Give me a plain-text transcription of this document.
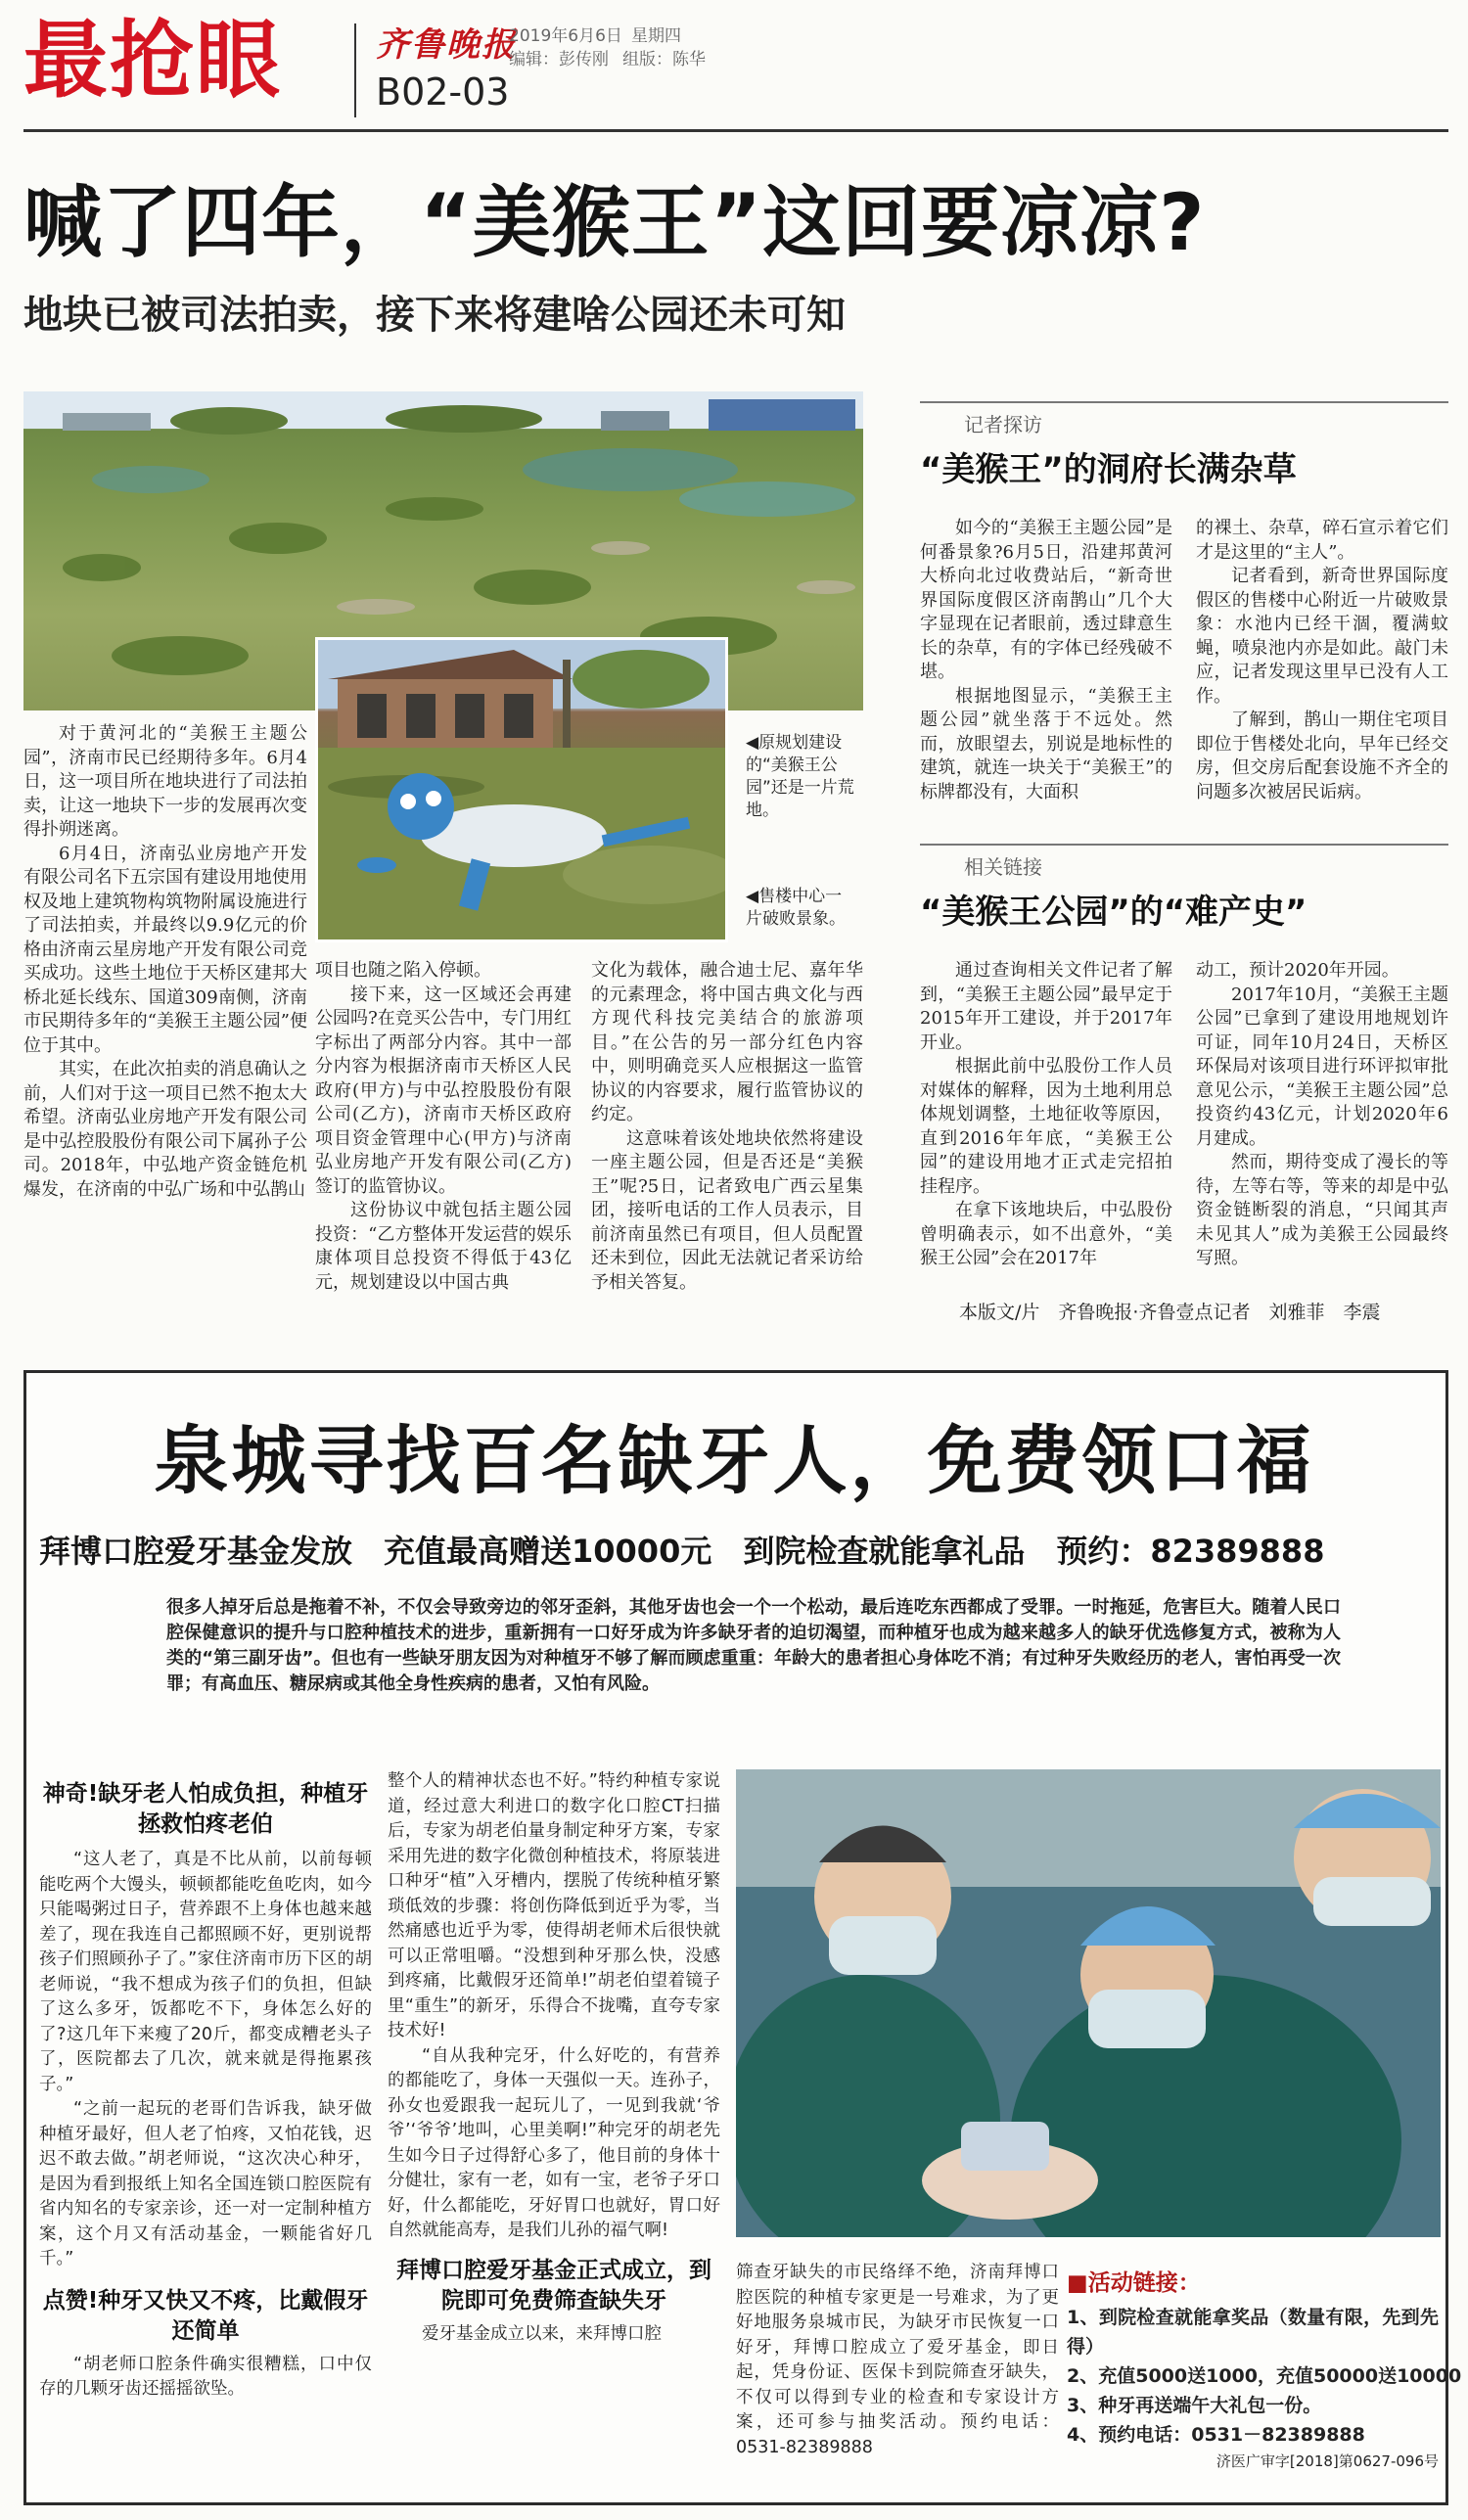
最抢眼	齐鲁晚报
2019年6月6日 星期四
编辑：彭传刚 组版：陈华
B02-03
喊了四年，“美猴王”这回要凉凉?
地块已被司法拍卖，接下来将建啥公园还未可知
◀原规划建设的“美猴王公园”还是一片荒地。
◀售楼中心一片破败景象。

对于黄河北的“美猴王主题公园”，济南市民已经期待多年。6月4日，这一项目所在地块进行了司法拍卖，让这一地块下一步的发展再次变得扑朔迷离。

6月4日，济南弘业房地产开发有限公司名下五宗国有建设用地使用权及地上建筑物构筑物附属设施进行了司法拍卖，并最终以9.9亿元的价格由济南云星房地产开发有限公司竞买成功。这些土地位于天桥区建邦大桥北延长线东、国道309南侧，济南市民期待多年的“美猴王主题公园”便位于其中。

其实，在此次拍卖的消息确认之前，人们对于这一项目已然不抱太大希望。济南弘业房地产开发有限公司是中弘控股股份有限公司下属孙子公司。2018年，中弘地产资金链危机爆发，在济南的中弘广场和中弘鹊山

项目也随之陷入停顿。

接下来，这一区域还会再建公园吗?在竞买公告中，专门用红字标出了两部分内容。其中一部分内容为根据济南市天桥区人民政府(甲方)与中弘控股股份有限公司(乙方)，济南市天桥区政府项目资金管理中心(甲方)与济南弘业房地产开发有限公司(乙方)签订的监管协议。

这份协议中就包括主题公园投资：“乙方整体开发运营的娱乐康体项目总投资不得低于43亿元，规划建设以中国古典

文化为载体，融合迪士尼、嘉年华的元素理念，将中国古典文化与西方现代科技完美结合的旅游项目。”在公告的另一部分红色内容中，则明确竞买人应根据这一监管协议的内容要求，履行监管协议的约定。

这意味着该处地块依然将建设一座主题公园，但是否还是“美猴王”呢?5日，记者致电广西云星集团，接听电话的工作人员表示，目前济南虽然已有项目，但人员配置还未到位，因此无法就记者采访给予相关答复。

记者探访
“美猴王”的洞府长满杂草

如今的“美猴王主题公园”是何番景象?6月5日，沿建邦黄河大桥向北过收费站后，“新奇世界国际度假区济南鹊山”几个大字显现在记者眼前，透过肆意生长的杂草，有的字体已经残破不堪。

根据地图显示，“美猴王主题公园”就坐落于不远处。然而，放眼望去，别说是地标性的建筑，就连一块关于“美猴王”的标牌都没有，大面积

的裸土、杂草，碎石宣示着它们才是这里的“主人”。

记者看到，新奇世界国际度假区的售楼中心附近一片破败景象：水池内已经干涸，覆满蚊蝇，喷泉池内亦是如此。敲门未应，记者发现这里早已没有人工作。

了解到，鹊山一期住宅项目即位于售楼处北向，早年已经交房，但交房后配套设施不齐全的问题多次被居民诟病。

相关链接
“美猴王公园”的“难产史”

通过查询相关文件记者了解到，“美猴王主题公园”最早定于2015年开工建设，并于2017年开业。

根据此前中弘股份工作人员对媒体的解释，因为土地利用总体规划调整，土地征收等原因，直到2016年年底，“美猴王公园”的建设用地才正式走完招拍挂程序。

在拿下该地块后，中弘股份曾明确表示，如不出意外，“美猴王公园”会在2017年

动工，预计2020年开园。

2017年10月，“美猴王主题公园”已拿到了建设用地规划许可证，同年10月24日，天桥区环保局对该项目进行环评拟审批意见公示，“美猴王主题公园”总投资约43亿元，计划2020年6月建成。

然而，期待变成了漫长的等待，左等右等，等来的却是中弘资金链断裂的消息，“只闻其声未见其人”成为美猴王公园最终写照。

本版文/片　齐鲁晚报·齐鲁壹点记者　刘雅菲　李震
泉城寻找百名缺牙人，免费领口福
拜博口腔爱牙基金发放　充值最高赠送10000元　到院检查就能拿礼品　预约：82389888
很多人掉牙后总是拖着不补，不仅会导致旁边的邻牙歪斜，其他牙齿也会一个一个松动，最后连吃东西都成了受罪。一时拖延，危害巨大。随着人民口腔保健意识的提升与口腔种植技术的进步，重新拥有一口好牙成为许多缺牙者的迫切渴望，而种植牙也成为越来越多人的缺牙优选修复方式，被称为人类的“第三副牙齿”。但也有一些缺牙朋友因为对种植牙不够了解而顾虑重重：年龄大的患者担心身体吃不消；有过种牙失败经历的老人，害怕再受一次罪；有高血压、糖尿病或其他全身性疾病的患者，又怕有风险。
神奇!缺牙老人怕成负担，种植牙拯救怕疼老伯

“这人老了，真是不比从前，以前每顿能吃两个大馒头，顿顿都能吃鱼吃肉，如今只能喝粥过日子，营养跟不上身体也越来越差了，现在我连自己都照顾不好，更别说帮孩子们照顾孙子了。”家住济南市历下区的胡老师说，“我不想成为孩子们的负担，但缺了这么多牙，饭都吃不下，身体怎么好的了?这几年下来瘦了20斤，都变成糟老头子了，医院都去了几次，就来就是得拖累孩子。”

“之前一起玩的老哥们告诉我，缺牙做种植牙最好，但人老了怕疼，又怕花钱，迟迟不敢去做。”胡老师说，“这次决心种牙，是因为看到报纸上知名全国连锁口腔医院有省内知名的专家亲诊，还一对一定制种植方案，这个月又有活动基金，一颗能省好几千。”

点赞!种牙又快又不疼，比戴假牙还简单

“胡老师口腔条件确实很糟糕，口中仅存的几颗牙齿还摇摇欲坠。

整个人的精神状态也不好。”特约种植专家说道，经过意大利进口的数字化口腔CT扫描后，专家为胡老伯量身制定种牙方案，专家采用先进的数字化微创种植技术，将原装进口种牙“植”入牙槽内，摆脱了传统种植牙繁琐低效的步骤：将创伤降低到近乎为零，当然痛感也近乎为零，使得胡老师术后很快就可以正常咀嚼。“没想到种牙那么快，没感到疼痛，比戴假牙还简单!”胡老伯望着镜子里“重生”的新牙，乐得合不拢嘴，直夸专家技术好!

“自从我种完牙，什么好吃的，有营养的都能吃了，身体一天强似一天。连孙子，孙女也爱跟我一起玩儿了，一见到我就‘爷爷’‘爷爷’地叫，心里美啊!”种完牙的胡老先生如今日子过得舒心多了，他目前的身体十分健壮，家有一老，如有一宝，老爷子牙口好，什么都能吃，牙好胃口也就好，胃口好自然就能高寿，是我们儿孙的福气啊!

拜博口腔爱牙基金正式成立，到院即可免费筛查缺失牙

爱牙基金成立以来，来拜博口腔

筛查牙缺失的市民络绎不绝，济南拜博口腔医院的种植专家更是一号难求，为了更好地服务泉城市民，为缺牙市民恢复一口好牙，拜博口腔成立了爱牙基金，即日起，凭身份证、医保卡到院筛查牙缺失，不仅可以得到专业的检查和专家设计方案，还可参与抽奖活动。预约电话：0531-82389888

■活动链接：
1、到院检查就能拿奖品（数量有限，先到先得）
2、充值5000送1000，充值50000送10000
3、种牙再送端午大礼包一份。
4、预约电话：0531－82389888
济医广审字[2018]第0627-096号
